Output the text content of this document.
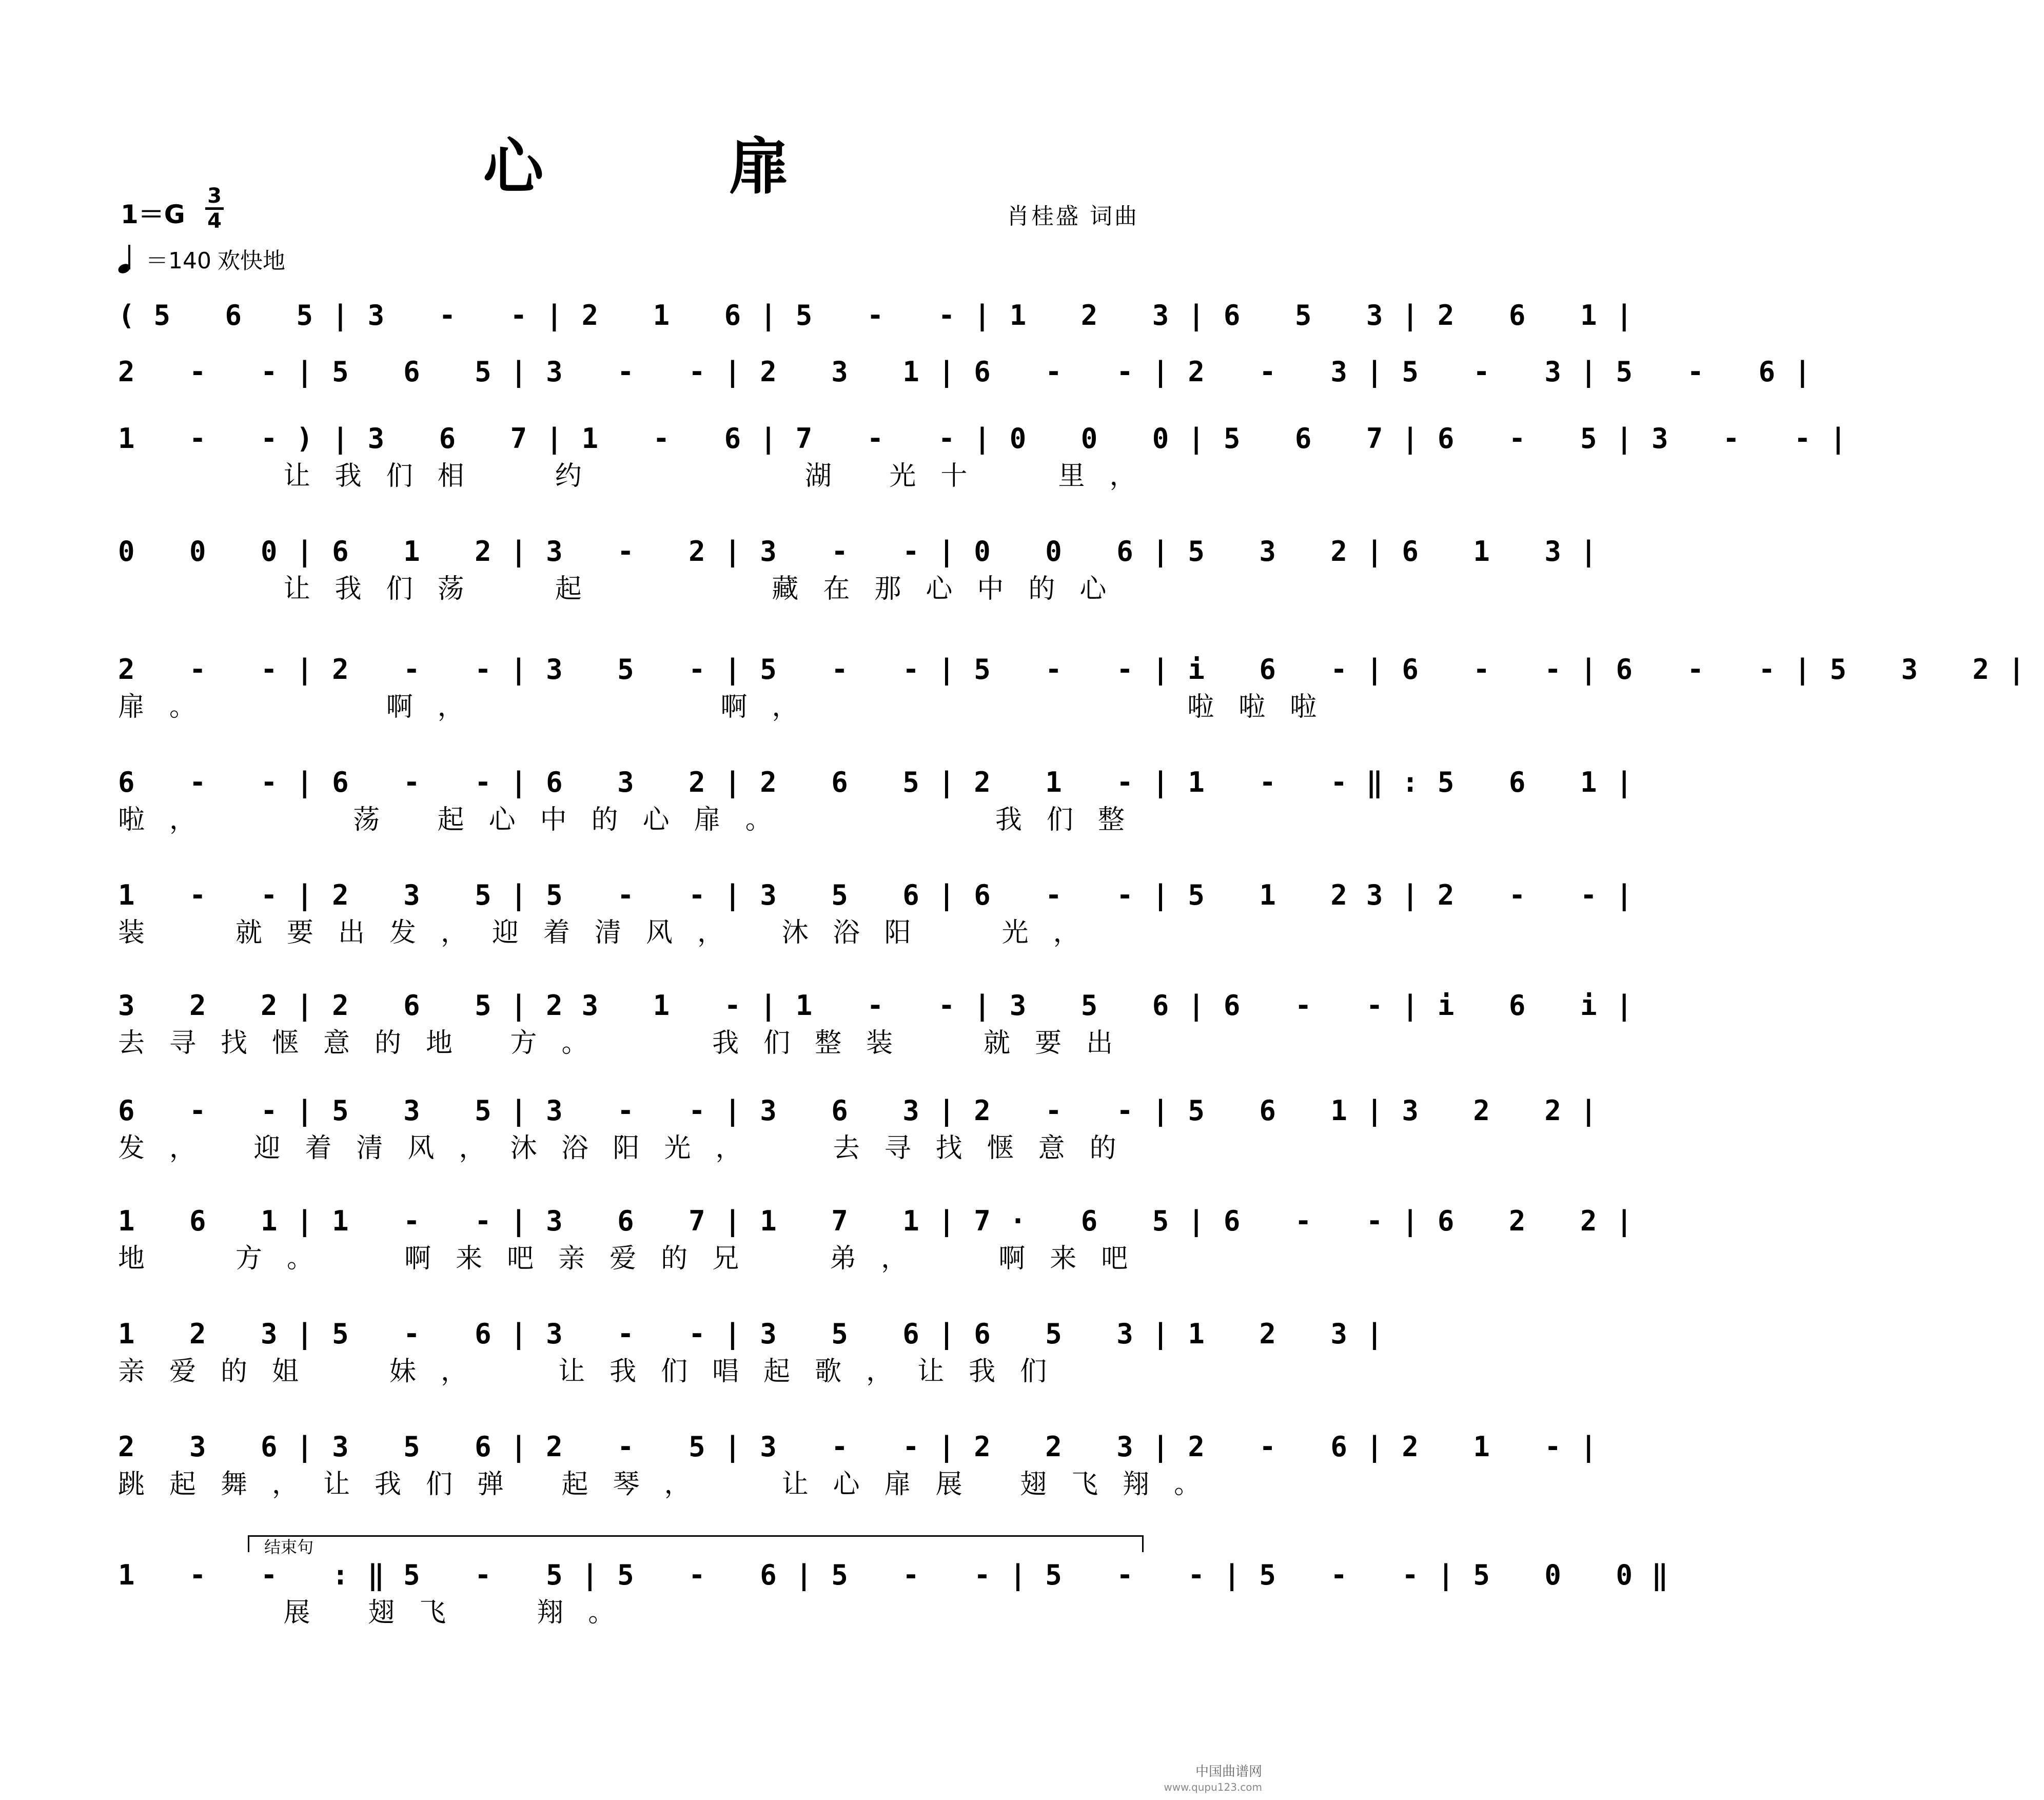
心 扉
1＝G
3
4	肖桂盛 词曲
＝140 欢快地
(5 6 5|3 - -|2 1 6|5 - -|1 2 3|6 5 3|2 6 1|
2 - -|5 6 5|3 - -|2 3 1|6 - -|2 - 3|5 - 3|5 - 6|
1 - -)|3 6 7|1 - 6|7 - -|0 0 0|5 6 7|6 - 5|3 - -|
让我们相  约      湖 光十  里，
0 0 0|6 1 2|3 - 2|3 - -|0 0 6|5 3 2|6 1 3|
让我们荡  起     藏在那心中的心
2 - -|2 - -|3 5 -|5 - -|5 - -|i 6 -|6 - -|6 - -|5 3 2|
扉。     啊，       啊，           啦啦啦
6 - -|6 - -|6 3 2|2 6 5|2 1 -|1 - -‖:5 6 1|
啦，    荡 起心中的心扉。      我们整
1 - -|2 3 5|5 - -|3 5 6|6 - -|5 1 23|2 - -|
装  就要出发，迎着清风， 沐浴阳  光，
3 2 2|2 6 5|23 1 -|1 - -|3 5 6|6 - -|i 6 i|
去寻找惬意的地 方。   我们整装  就要出
6 - -|5 3 5|3 - -|3 6 3|2 - -|5 6 1|3 2 2|
发， 迎着清风，沐浴阳光，  去寻找惬意的
1 6 1|1 - -|3 6 7|1 7 1|7· 6 5|6 - -|6 2 2|
地  方。  啊来吧亲爱的兄  弟，  啊来吧
1 2 3|5 - 6|3 - -|3 5 6|6 5 3|1 2 3|
亲爱的姐  妹，  让我们唱起歌，让我们
2 3 6|3 5 6|2 - 5|3 - -|2 2 3|2 - 6|2 1 -|
跳起舞，让我们弹 起琴，  让心扉展 翅飞翔。
1 - - :‖5 - 5|5 - 6|5 - -|5 - -|5 - -|5 0 0‖
展 翅飞  翔。
结束句
中国曲谱网
www.qupu123.com
